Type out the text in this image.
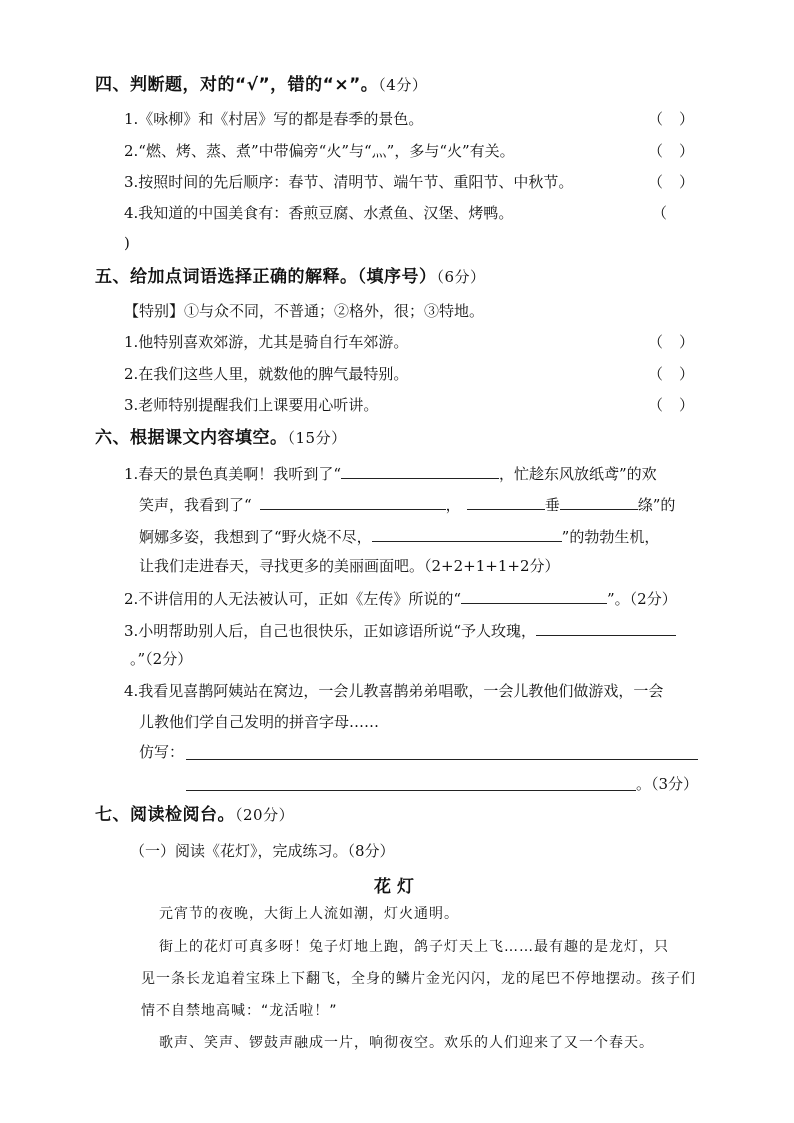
四、判断题，对的“√”，错的“×”。（4分）
1.《咏柳》和《村居》写的都是春季的景色。	（ ）
2.“燃、烤、蒸、煮”中带偏旁“火”与“灬”，多与“火”有关。	（ ）
3.按照时间的先后顺序：春节、清明节、端午节、重阳节、中秋节。	（ ）
4.我知道的中国美食有：香煎豆腐、水煮鱼、汉堡、烤鸭。	（
)
五、给加点词语选择正确的解释。（填序号）（6分）
【特别】①与众不同，不普通；②格外，很；③特地。
1.他特别喜欢郊游，尤其是骑自行车郊游。	（ ）
2.在我们这些人里，就数他的脾气最特别。	（ ）
3.老师特别提醒我们上课要用心听讲。	（ ）
六、根据课文内容填空。（15分）
1.春天的景色真美啊！我听到了“	，忙趁东风放纸鸢”的欢
笑声，我看到了“	，	垂	绦”的
婀娜多姿，我想到了“野火烧不尽，	”的勃勃生机，
让我们走进春天，寻找更多的美丽画面吧。（2+2+1+1+2分）
2.不讲信用的人无法被认可，正如《左传》所说的“	”。（2分）
3.小明帮助别人后，自己也很快乐，正如谚语所说“予人玫瑰，
。”（2分）
4.我看见喜鹊阿姨站在窝边，一会儿教喜鹊弟弟唱歌，一会儿教他们做游戏，一会
儿教他们学自己发明的拼音字母……
仿写：
。（3分）
七、阅读检阅台。（20分）
（一）阅读《花灯》，完成练习。（8分）
花灯
元宵节的夜晚，大街上人流如潮，灯火通明。
街上的花灯可真多呀！兔子灯地上跑，鸽子灯天上飞……最有趣的是龙灯，只
见一条长龙追着宝珠上下翻飞，全身的鳞片金光闪闪，龙的尾巴不停地摆动。孩子们
情不自禁地高喊：“龙活啦！”
歌声、笑声、锣鼓声融成一片，响彻夜空。欢乐的人们迎来了又一个春天。
